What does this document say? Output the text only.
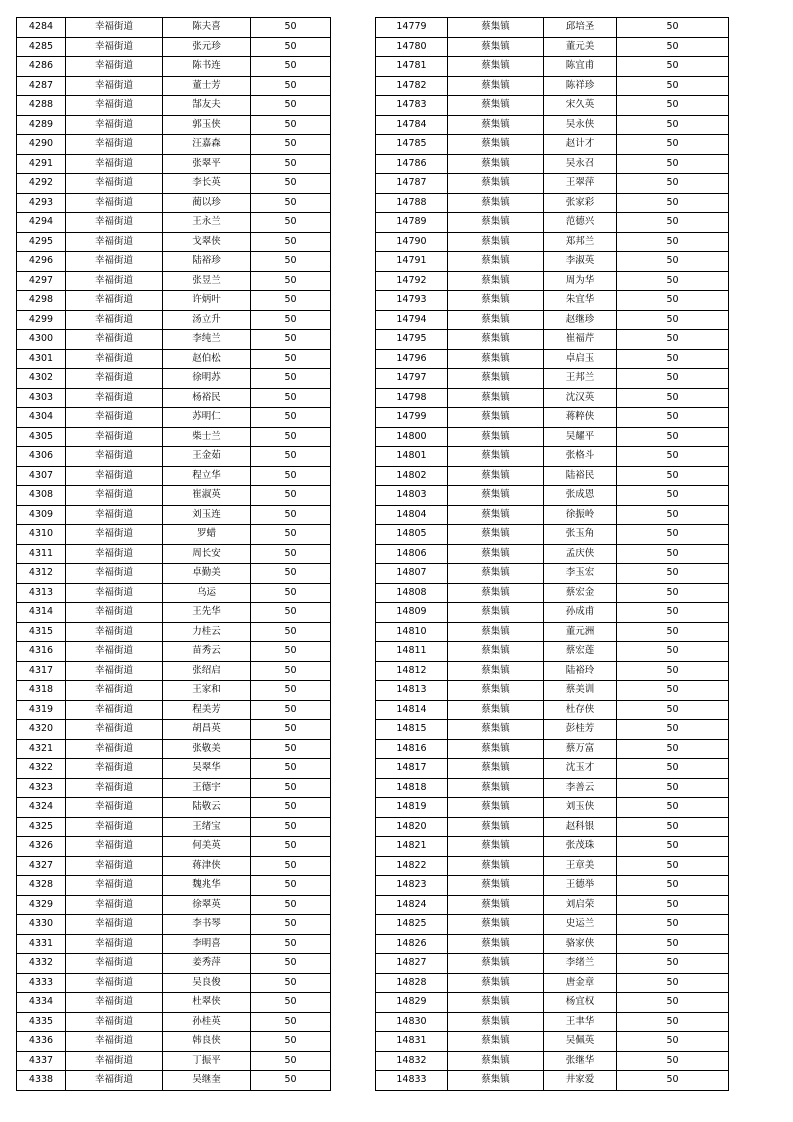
4284	幸福街道	陈夫喜	50
4285	幸福街道	张元珍	50
4286	幸福街道	陈书连	50
4287	幸福街道	董士芳	50
4288	幸福街道	郜友夫	50
4289	幸福街道	郭玉侠	50
4290	幸福街道	汪嘉森	50
4291	幸福街道	张翠平	50
4292	幸福街道	李长英	50
4293	幸福街道	蔺以珍	50
4294	幸福街道	王永兰	50
4295	幸福街道	戈翠侠	50
4296	幸福街道	陆裕珍	50
4297	幸福街道	张昱兰	50
4298	幸福街道	许炳叶	50
4299	幸福街道	汤立升	50
4300	幸福街道	李纯兰	50
4301	幸福街道	赵伯松	50
4302	幸福街道	徐明苏	50
4303	幸福街道	杨裕民	50
4304	幸福街道	苏明仁	50
4305	幸福街道	柴士兰	50
4306	幸福街道	王金茹	50
4307	幸福街道	程立华	50
4308	幸福街道	崔淑英	50
4309	幸福街道	刘玉连	50
4310	幸福街道	罗蜡	50
4311	幸福街道	周长安	50
4312	幸福街道	卓勤美	50
4313	幸福街道	乌运	50
4314	幸福街道	王先华	50
4315	幸福街道	力桂云	50
4316	幸福街道	苗秀云	50
4317	幸福街道	张绍启	50
4318	幸福街道	王家和	50
4319	幸福街道	程美芳	50
4320	幸福街道	胡昌英	50
4321	幸福街道	张敬美	50
4322	幸福街道	吴翠华	50
4323	幸福街道	王德宇	50
4324	幸福街道	陆敬云	50
4325	幸福街道	王绪宝	50
4326	幸福街道	何美英	50
4327	幸福街道	蒋津侠	50
4328	幸福街道	魏兆华	50
4329	幸福街道	徐翠英	50
4330	幸福街道	李书琴	50
4331	幸福街道	李明喜	50
4332	幸福街道	姜秀萍	50
4333	幸福街道	吴良俊	50
4334	幸福街道	杜翠侠	50
4335	幸福街道	孙桂英	50
4336	幸福街道	韩良侠	50
4337	幸福街道	丁振平	50
4338	幸福街道	吴继奎	50
14779	蔡集镇	邱培圣	50
14780	蔡集镇	董元美	50
14781	蔡集镇	陈宜甫	50
14782	蔡集镇	陈祥珍	50
14783	蔡集镇	宋久英	50
14784	蔡集镇	吴永侠	50
14785	蔡集镇	赵计才	50
14786	蔡集镇	吴永召	50
14787	蔡集镇	王翠萍	50
14788	蔡集镇	张家彩	50
14789	蔡集镇	范德兴	50
14790	蔡集镇	郑邦兰	50
14791	蔡集镇	李淑英	50
14792	蔡集镇	周为华	50
14793	蔡集镇	朱宜华	50
14794	蔡集镇	赵继珍	50
14795	蔡集镇	崔福芹	50
14796	蔡集镇	卓启玉	50
14797	蔡集镇	王邦兰	50
14798	蔡集镇	沈汉英	50
14799	蔡集镇	蒋粹侠	50
14800	蔡集镇	吴耀平	50
14801	蔡集镇	张格斗	50
14802	蔡集镇	陆裕民	50
14803	蔡集镇	张成恩	50
14804	蔡集镇	徐振岭	50
14805	蔡集镇	张玉角	50
14806	蔡集镇	孟庆侠	50
14807	蔡集镇	李玉宏	50
14808	蔡集镇	蔡宏金	50
14809	蔡集镇	孙成甫	50
14810	蔡集镇	董元洲	50
14811	蔡集镇	蔡宏莲	50
14812	蔡集镇	陆裕玲	50
14813	蔡集镇	蔡美训	50
14814	蔡集镇	杜存侠	50
14815	蔡集镇	彭桂芳	50
14816	蔡集镇	蔡万富	50
14817	蔡集镇	沈玉才	50
14818	蔡集镇	李善云	50
14819	蔡集镇	刘玉侠	50
14820	蔡集镇	赵科银	50
14821	蔡集镇	张茂珠	50
14822	蔡集镇	王章美	50
14823	蔡集镇	王德举	50
14824	蔡集镇	刘启荣	50
14825	蔡集镇	史运兰	50
14826	蔡集镇	骆家侠	50
14827	蔡集镇	李绪兰	50
14828	蔡集镇	唐金章	50
14829	蔡集镇	杨宜权	50
14830	蔡集镇	王聿华	50
14831	蔡集镇	吴佩英	50
14832	蔡集镇	张继华	50
14833	蔡集镇	井家爱	50
